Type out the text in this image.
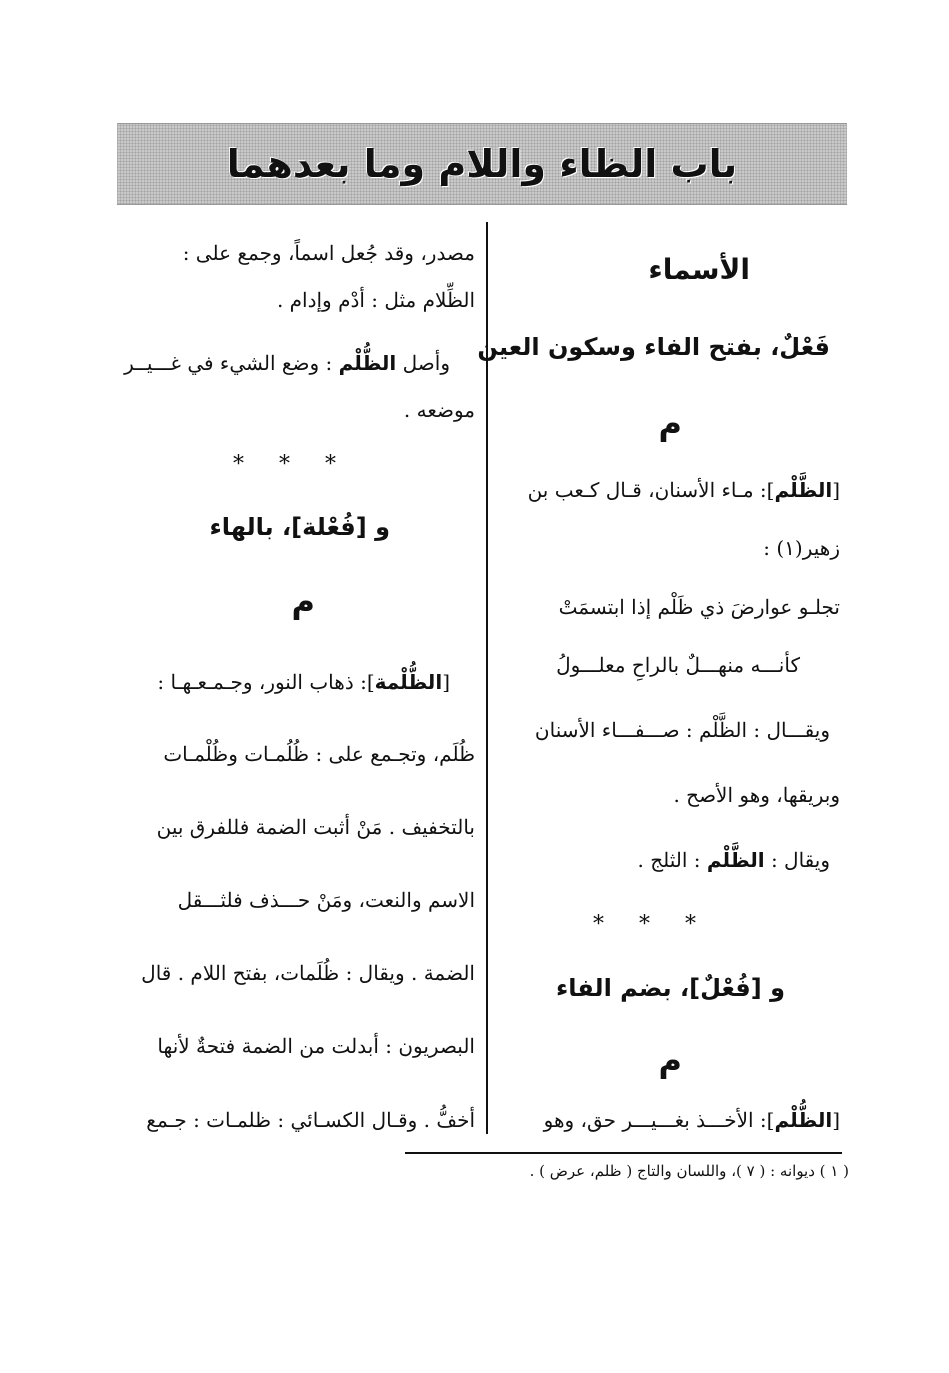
باب الظاء واللام وما بعدهما
الأسماء
فَعْلٌ، بفتح الفاء وسكون العين
م
[الظَّلْم]: مـاء الأسنان، قـال كـعب بن
زهير(١) :
تجلـو عوارضَ ذي ظَلْم إذا ابتسمَتْ
كأنـــه منهـــلٌ بالراحِ معلـــولُ
ويقـــال : الظَّلْم : صـــفـــاء الأسنان
وبريقها، وهو الأصح .
ويقال : الظَّلْم : الثلج .
* * *
و [فُعْلٌ]، بضم الفاء
م
[الظُّلْم]: الأخـــذ بغـــيـــر حق، وهو
مصدر، وقد جُعل اسماً، وجمع على :
الظِّلام مثل : أدْم وإدام .
وأصل الظُّلْم : وضع الشيء في غـــيــر
موضعه .
* * *
و [فُعْلة]، بالهاء
م
[الظُّلْمة]: ذهاب النور، وجـمـعـهـا :
ظُلَم، وتجـمع على : ظُلُمـات وظُلْمـات
بالتخفيف . مَنْ أثبت الضمة فللفرق بين
الاسم والنعت، ومَنْ حـــذف فلثـــقل
الضمة . ويقال : ظُلَمات، بفتح اللام . قال
البصريون : أبدلت من الضمة فتحةٌ لأنها
أخفُّ . وقـال الكسـائي : ظلمـات : جـمع
( ١ ) ديوانه : ( ٧ )، واللسان والتاج ( ظلم، عرض ) .
